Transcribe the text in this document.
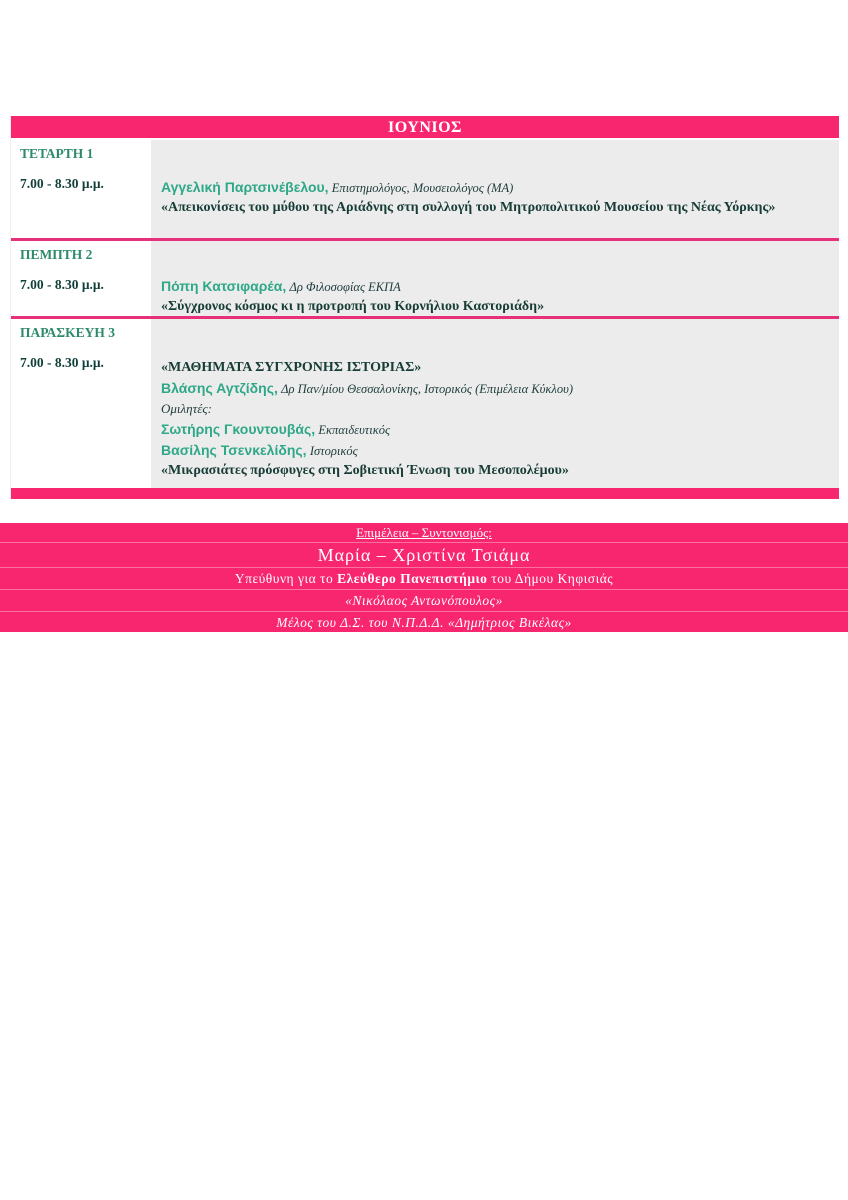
ΙΟΥΝΙΟΣ
ΤΕΤΑΡΤΗ 1
7.00 - 8.30 μ.μ.	Αγγελική Παρτσινέβελου, Επιστημολόγος, Μουσειολόγος (ΜΑ)
«Απεικονίσεις του μύθου της Αριάδνης στη συλλογή του Μητροπολιτικού Μουσείου της Νέας Υόρκης»
ΠΕΜΠΤΗ 2
7.00 - 8.30 μ.μ.	Πόπη Κατσιφαρέα, Δρ Φιλοσοφίας ΕΚΠΑ
«Σύγχρονος κόσμος κι η προτροπή του Κορνήλιου Καστοριάδη»
ΠΑΡΑΣΚΕΥΗ 3
7.00 - 8.30 μ.μ.	«ΜΑΘΗΜΑΤΑ ΣΥΓΧΡΟΝΗΣ ΙΣΤΟΡΙΑΣ»
Βλάσης Αγτζίδης, Δρ Παν/μίου Θεσσαλονίκης, Ιστορικός (Επιμέλεια Κύκλου)
Ομιλητές:
Σωτήρης Γκουντουβάς, Εκπαιδευτικός
Βασίλης Τσενκελίδης, Ιστορικός
«Μικρασιάτες πρόσφυγες στη Σοβιετική Ένωση του Μεσοπολέμου»
Επιμέλεια – Συντονισμός:
Μαρία – Χριστίνα Τσιάμα
Υπεύθυνη για το Ελεύθερο Πανεπιστήμιο του Δήμου Κηφισιάς
«Νικόλαος Αντωνόπουλος»
Μέλος του Δ.Σ. του Ν.Π.Δ.Δ. «Δημήτριος Βικέλας»
